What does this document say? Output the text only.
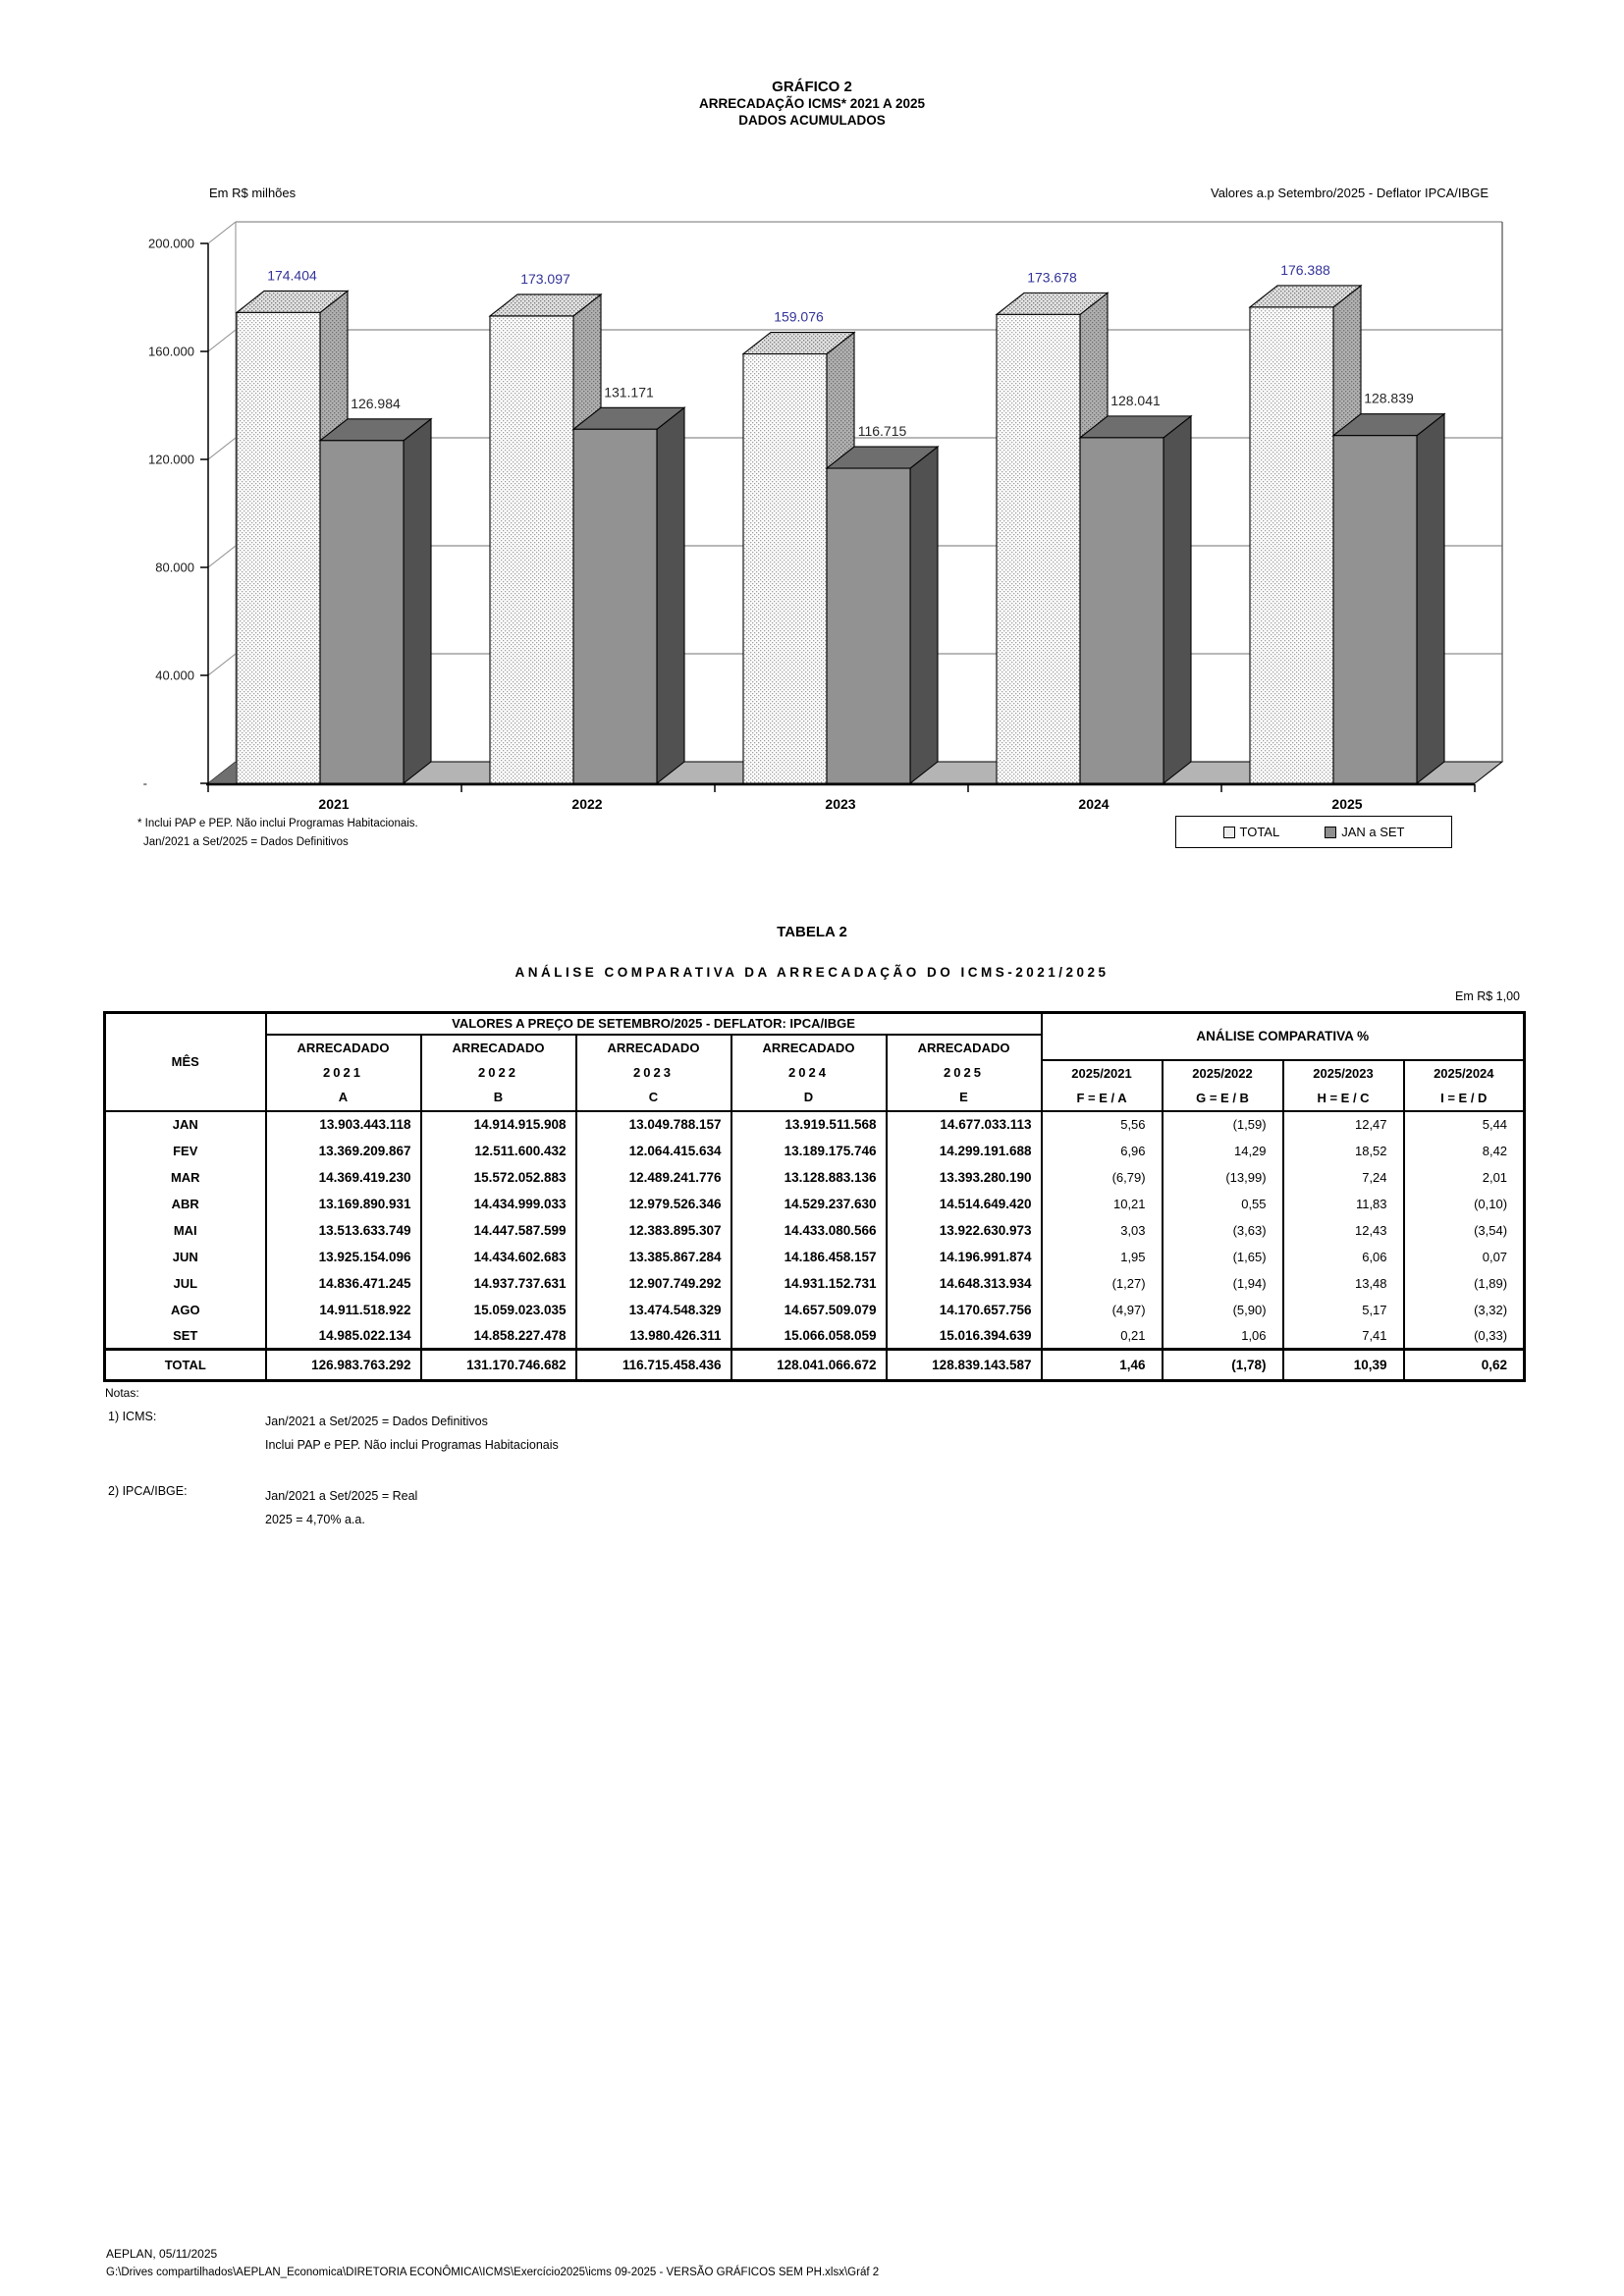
GRÁFICO 2
ARRECADAÇÃO ICMS* 2021 A 2025
DADOS ACUMULADOS
Em R$ milhões	Valores a.p Setembro/2025 - Deflator IPCA/IBGE
174.404
126.984
2021
173.097
131.171
2022
159.076
116.715
2023
173.678
128.041
2024
176.388
128.839
2025
-
40.000
80.000
120.000
160.000
200.000
TOTAL	JAN a SET
* Inclui PAP e PEP. Não inclui Programas Habitacionais.
Jan/2021 a Set/2025 = Dados Definitivos
TABELA 2
ANÁLISE COMPARATIVA DA ARRECADAÇÃO DO ICMS-2021/2025
Em R$ 1,00
MÊS	VALORES A PREÇO DE SETEMBRO/2025 - DEFLATOR: IPCA/IBGE					ANÁLISE COMPARATIVA %			

ARRECADADO
2021
A

ARRECADADO
2022
B

ARRECADADO
2023
C

ARRECADADO
2024
D

ARRECADADO
2025
E

2025/2021
F = E / A

2025/2022
G = E / B

2025/2023
H = E / C

2025/2024
I = E / D

JAN	13.903.443.118	14.914.915.908	13.049.788.157	13.919.511.568	14.677.033.113	5,56	(1,59)	12,47	5,44
FEV	13.369.209.867	12.511.600.432	12.064.415.634	13.189.175.746	14.299.191.688	6,96	14,29	18,52	8,42
MAR	14.369.419.230	15.572.052.883	12.489.241.776	13.128.883.136	13.393.280.190	(6,79)	(13,99)	7,24	2,01
ABR	13.169.890.931	14.434.999.033	12.979.526.346	14.529.237.630	14.514.649.420	10,21	0,55	11,83	(0,10)
MAI	13.513.633.749	14.447.587.599	12.383.895.307	14.433.080.566	13.922.630.973	3,03	(3,63)	12,43	(3,54)
JUN	13.925.154.096	14.434.602.683	13.385.867.284	14.186.458.157	14.196.991.874	1,95	(1,65)	6,06	0,07
JUL	14.836.471.245	14.937.737.631	12.907.749.292	14.931.152.731	14.648.313.934	(1,27)	(1,94)	13,48	(1,89)
AGO	14.911.518.922	15.059.023.035	13.474.548.329	14.657.509.079	14.170.657.756	(4,97)	(5,90)	5,17	(3,32)
SET	14.985.022.134	14.858.227.478	13.980.426.311	15.066.058.059	15.016.394.639	0,21	1,06	7,41	(0,33)
TOTAL	126.983.763.292	131.170.746.682	116.715.458.436	128.041.066.672	128.839.143.587	1,46	(1,78)	10,39	0,62
Notas:
1) ICMS:	Jan/2021 a Set/2025 = Dados Definitivos
Inclui PAP e PEP. Não inclui Programas Habitacionais
2) IPCA/IBGE:	Jan/2021 a Set/2025 = Real
2025 = 4,70% a.a.
AEPLAN, 05/11/2025
G:\Drives compartilhados\AEPLAN_Economica\DIRETORIA ECONÔMICA\ICMS\Exercício2025\icms 09-2025 - VERSÃO GRÁFICOS SEM PH.xlsx\Gráf 2
